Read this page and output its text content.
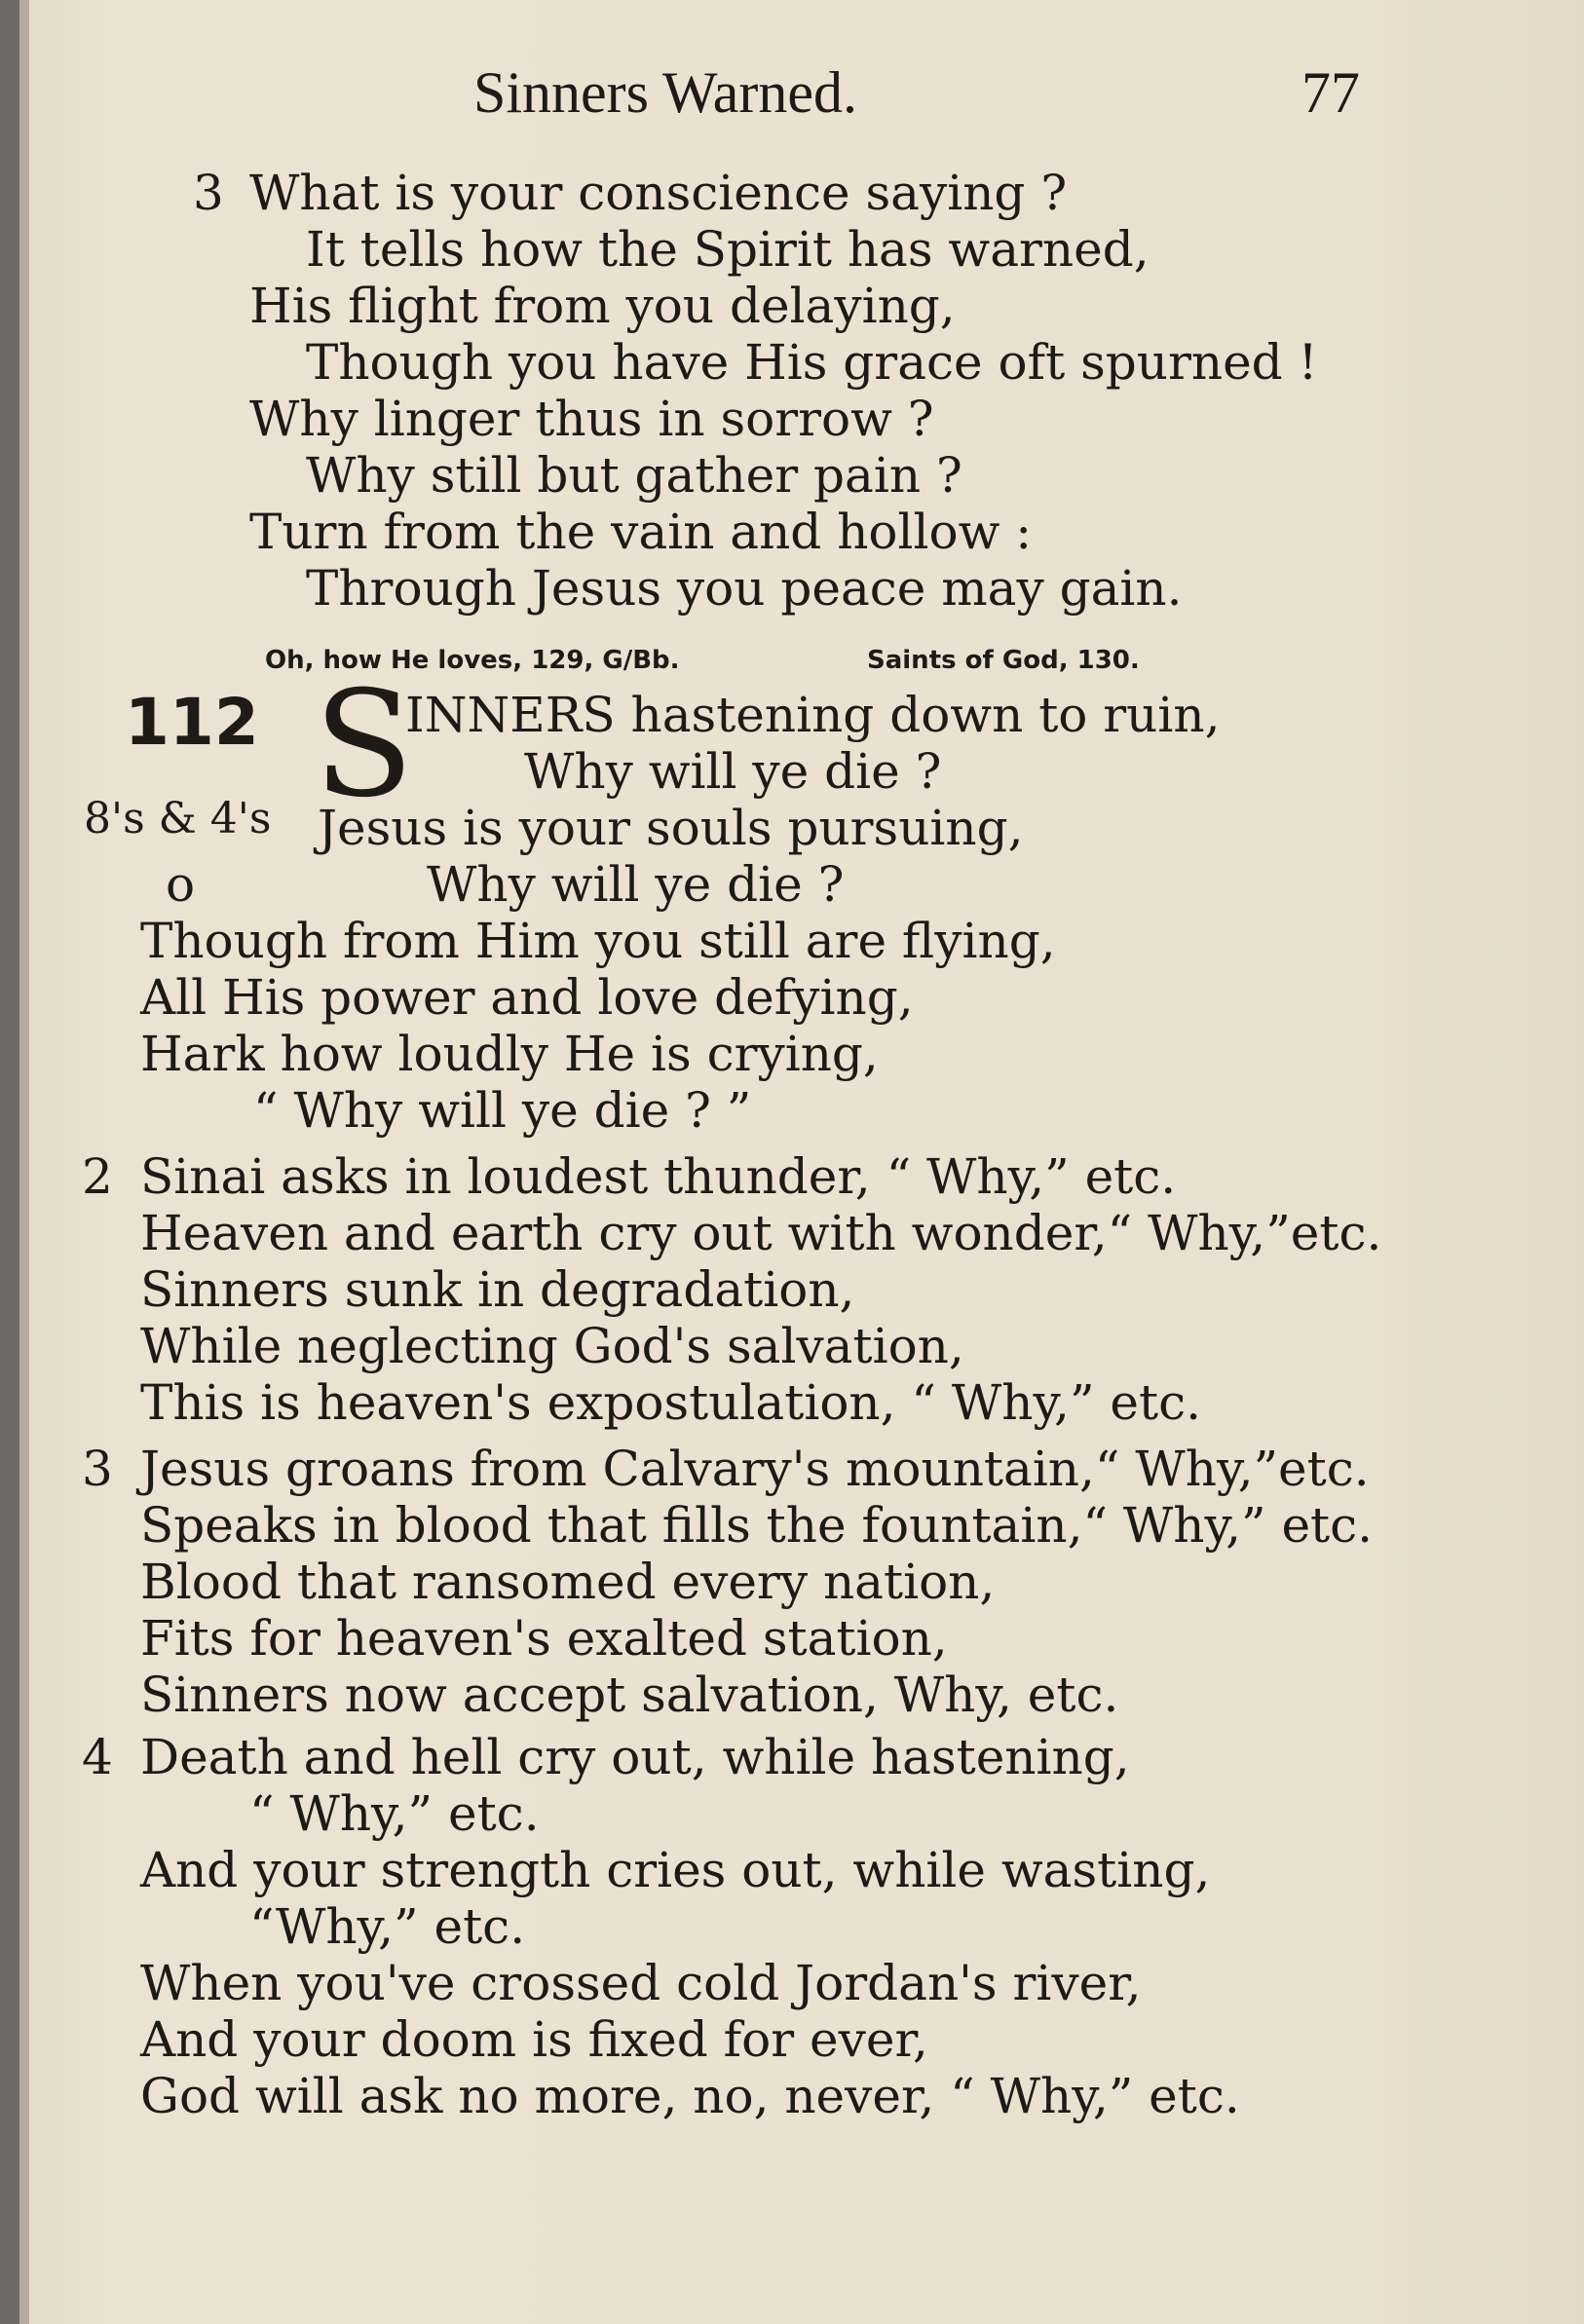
Sinners Warned.	77
3 What is your conscience saying ?
It tells how the Spirit has warned,
His flight from you delaying,
Though you have His grace oft spurned !
Why linger thus in sorrow ?
Why still but gather pain ?
Turn from the vain and hollow :
Through Jesus you peace may gain.
Oh, how He loves, 129, G/Bb.	Saints of God, 130.
112 S
INNERS hastening down to ruin,
Why will ye die ?
8's & 4's Jesus is your souls pursuing,
o	Why will ye die ?
Though from Him you still are flying,
All His power and love defying,
Hark how loudly He is crying,
“ Why will ye die ? ”
2 Sinai asks in loudest thunder, “ Why,” etc.
Heaven and earth cry out with wonder,“ Why,”etc.
Sinners sunk in degradation,
While neglecting God's salvation,
This is heaven's expostulation, “ Why,” etc.
3 Jesus groans from Calvary's mountain,“ Why,”etc.
Speaks in blood that fills the fountain,“ Why,” etc.
Blood that ransomed every nation,
Fits for heaven's exalted station,
Sinners now accept salvation, Why, etc.
4 Death and hell cry out, while hastening,
“ Why,” etc.
And your strength cries out, while wasting,
“Why,” etc.
When you've crossed cold Jordan's river,
And your doom is fixed for ever,
God will ask no more, no, never, “ Why,” etc.
